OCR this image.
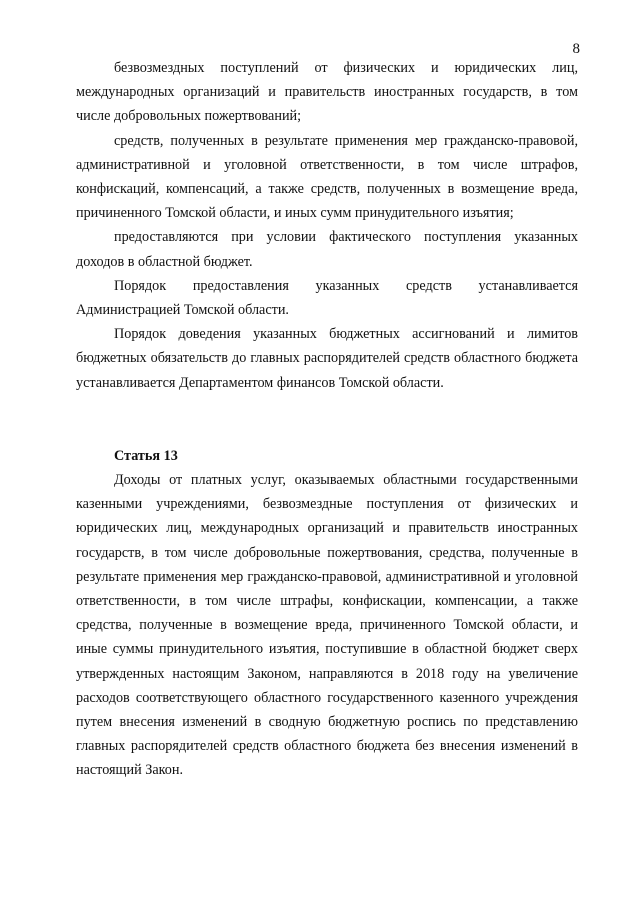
8

безвозмездных поступлений от физических и юридических лиц, международных организаций и правительств иностранных государств, в том числе добровольных пожертвований;

средств, полученных в результате применения мер гражданско-правовой, административной и уголовной ответственности, в том числе штрафов, конфискаций, компенсаций, а также средств, полученных в возмещение вреда, причиненного Томской области, и иных сумм принудительного изъятия;

предоставляются при условии фактического поступления указанных доходов в областной бюджет.

Порядок предоставления указанных средств устанавливается Администрацией Томской области.

Порядок доведения указанных бюджетных ассигнований и лимитов бюджетных обязательств до главных распорядителей средств областного бюджета устанавливается Департаментом финансов Томской области.

Статья 13

Доходы от платных услуг, оказываемых областными государственными казенными учреждениями, безвозмездные поступления от физических и юридических лиц, международных организаций и правительств иностранных государств, в том числе добровольные пожертвования, средства, полученные в результате применения мер гражданско-правовой, административной и уголовной ответственности, в том числе штрафы, конфискации, компенсации, а также средства, полученные в возмещение вреда, причиненного Томской области, и иные суммы принудительного изъятия, поступившие в областной бюджет сверх утвержденных настоящим Законом, направляются в 2018 году на увеличение расходов соответствующего областного государственного казенного учреждения путем внесения изменений в сводную бюджетную роспись по представлению главных распорядителей средств областного бюджета без внесения изменений в настоящий Закон.
